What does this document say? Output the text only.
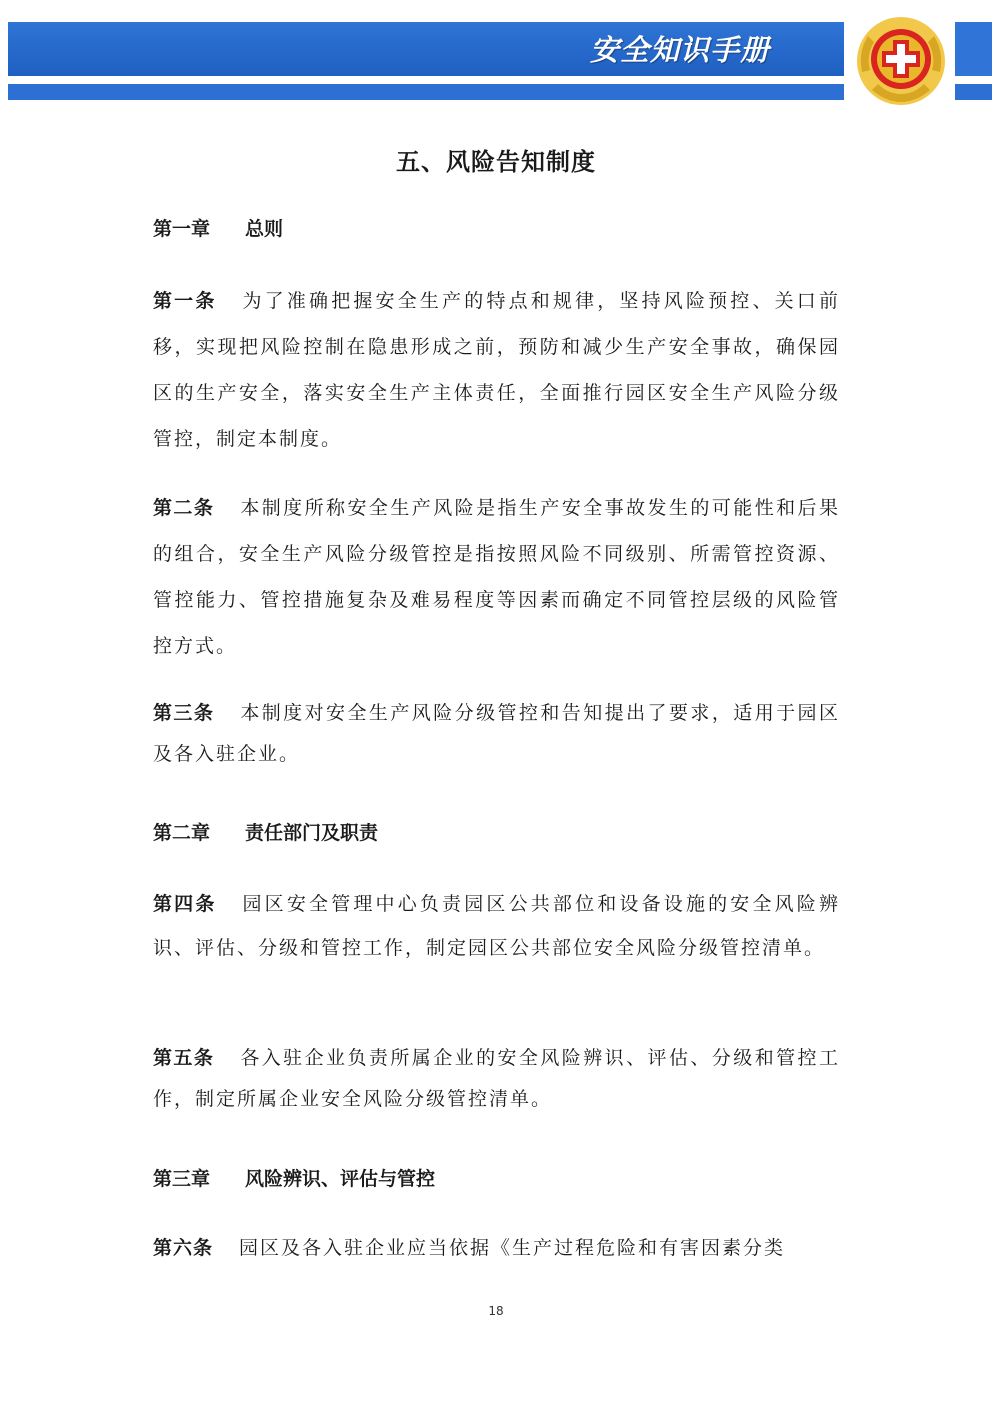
安全知识手册
五、风险告知制度
第一章 总则
第一条 为了准确把握安全生产的特点和规律，坚持风险预控、关口前移，实现把风险控制在隐患形成之前，预防和减少生产安全事故，确保园区的生产安全，落实安全生产主体责任，全面推行园区安全生产风险分级管控，制定本制度。
第二条 本制度所称安全生产风险是指生产安全事故发生的可能性和后果的组合，安全生产风险分级管控是指按照风险不同级别、所需管控资源、管控能力、管控措施复杂及难易程度等因素而确定不同管控层级的风险管控方式。
第三条 本制度对安全生产风险分级管控和告知提出了要求，适用于园区及各入驻企业。
第二章 责任部门及职责
第四条 园区安全管理中心负责园区公共部位和设备设施的安全风险辨识、评估、分级和管控工作，制定园区公共部位安全风险分级管控清单。
第五条 各入驻企业负责所属企业的安全风险辨识、评估、分级和管控工作，制定所属企业安全风险分级管控清单。
第三章 风险辨识、评估与管控
第六条 园区及各入驻企业应当依据《生产过程危险和有害因素分类
18
